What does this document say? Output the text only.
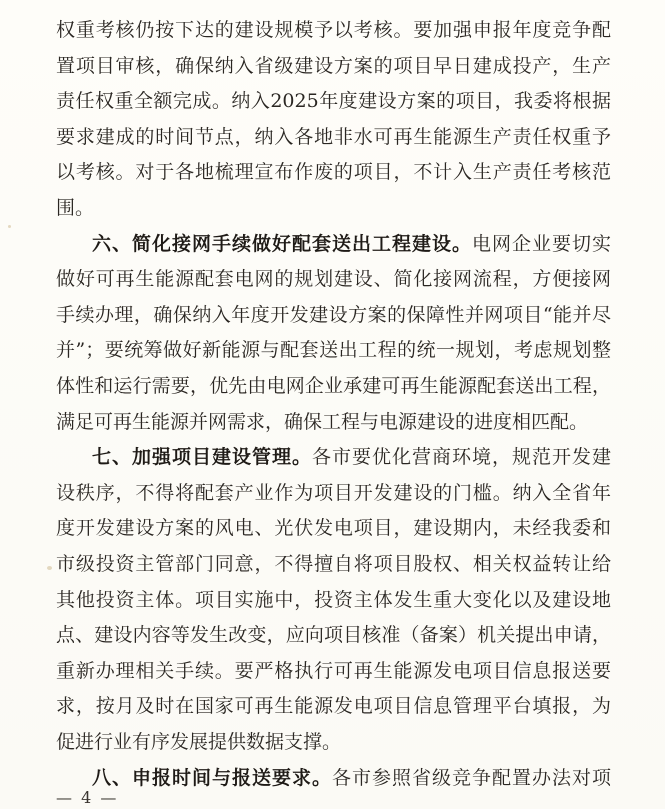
权重考核仍按下达的建设规模予以考核。要加强申报年度竞争配
置项目审核，确保纳入省级建设方案的项目早日建成投产，生产
责任权重全额完成。纳入2025年度建设方案的项目，我委将根据
要求建成的时间节点，纳入各地非水可再生能源生产责任权重予
以考核。对于各地梳理宣布作废的项目，不计入生产责任考核范
围。
六、简化接网手续做好配套送出工程建设。电网企业要切实
做好可再生能源配套电网的规划建设、简化接网流程，方便接网
手续办理，确保纳入年度开发建设方案的保障性并网项目“能并尽
并”；要统筹做好新能源与配套送出工程的统一规划，考虑规划整
体性和运行需要，优先由电网企业承建可再生能源配套送出工程，
满足可再生能源并网需求，确保工程与电源建设的进度相匹配。
七、加强项目建设管理。各市要优化营商环境，规范开发建
设秩序，不得将配套产业作为项目开发建设的门槛。纳入全省年
度开发建设方案的风电、光伏发电项目，建设期内，未经我委和
市级投资主管部门同意，不得擅自将项目股权、相关权益转让给
其他投资主体。项目实施中，投资主体发生重大变化以及建设地
点、建设内容等发生改变，应向项目核准（备案）机关提出申请，
重新办理相关手续。要严格执行可再生能源发电项目信息报送要
求，按月及时在国家可再生能源发电项目信息管理平台填报，为
促进行业有序发展提供数据支撑。
八、申报时间与报送要求。各市参照省级竞争配置办法对项
— 4 —
